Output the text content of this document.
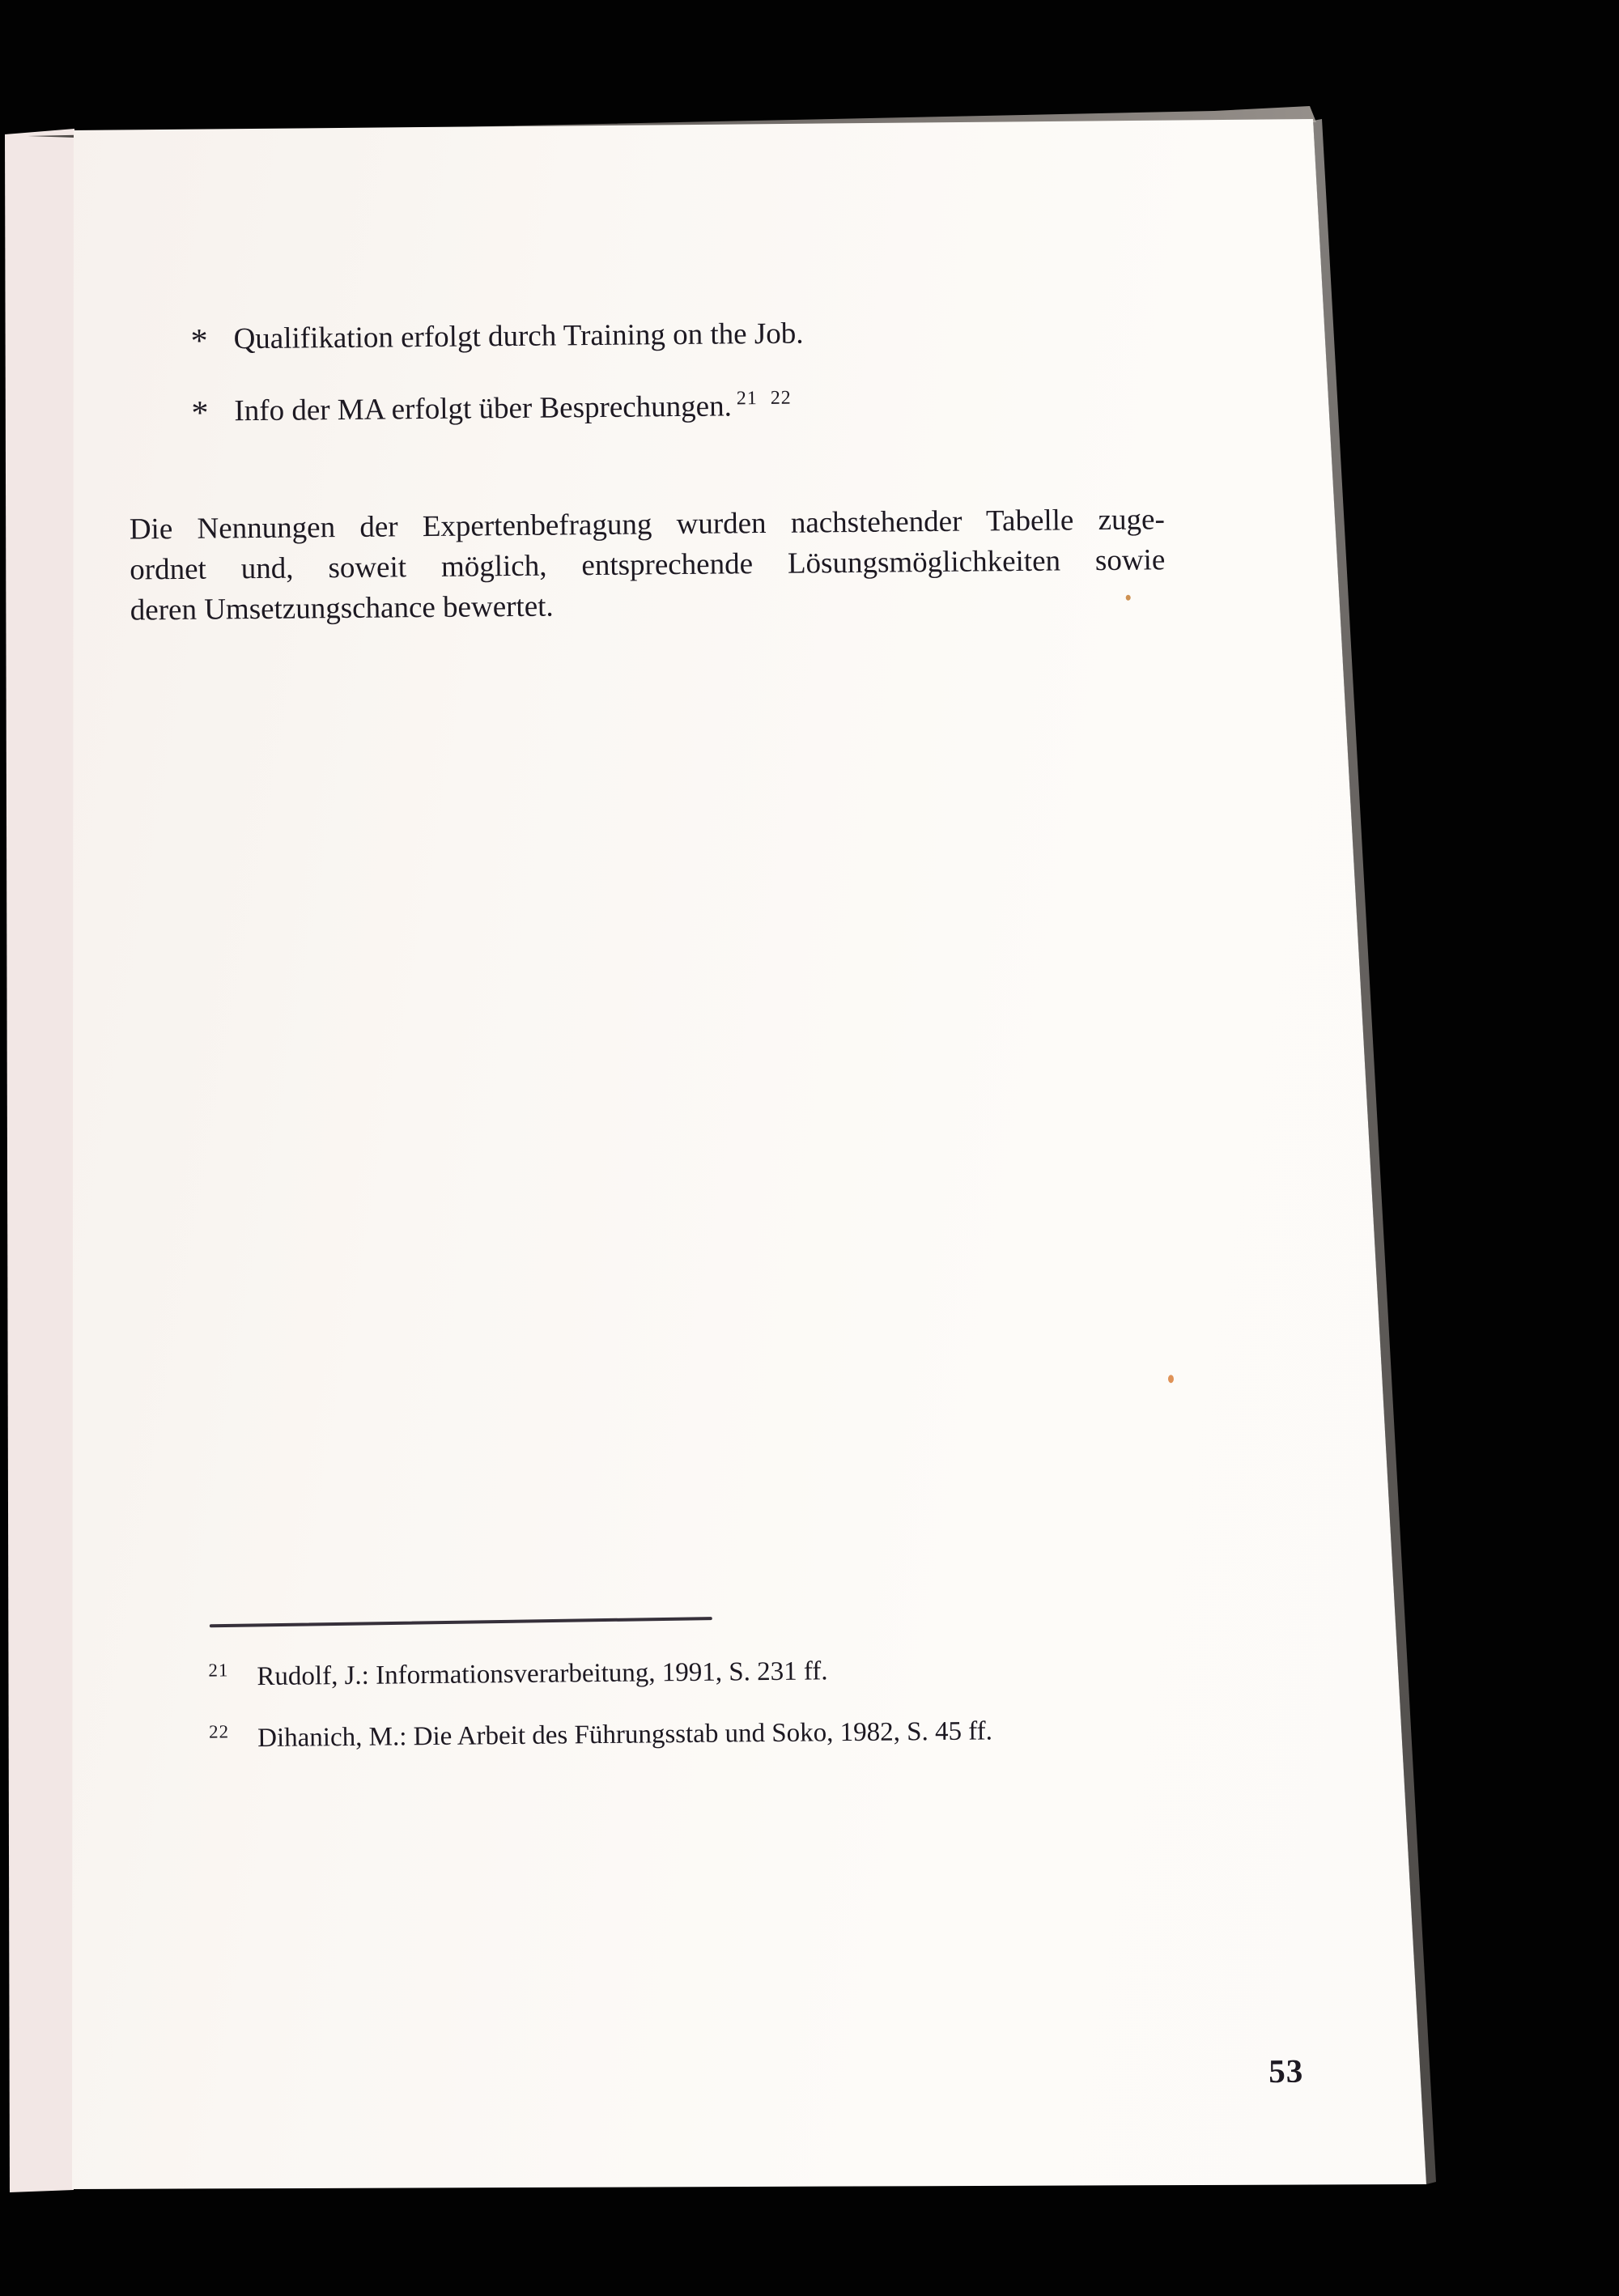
* Qualifikation erfolgt durch Training on the Job.
* Info der MA erfolgt über Besprechungen. 21 22
Die Nennungen der Expertenbefragung wurden nachstehender Tabelle zuge-
ordnet und, soweit möglich, entsprechende Lösungsmöglichkeiten sowie
deren Umsetzungschance bewertet.
21 Rudolf, J.: Informationsverarbeitung, 1991, S. 231 ff.
22 Dihanich, M.: Die Arbeit des Führungsstab und Soko, 1982, S. 45 ff.
53
